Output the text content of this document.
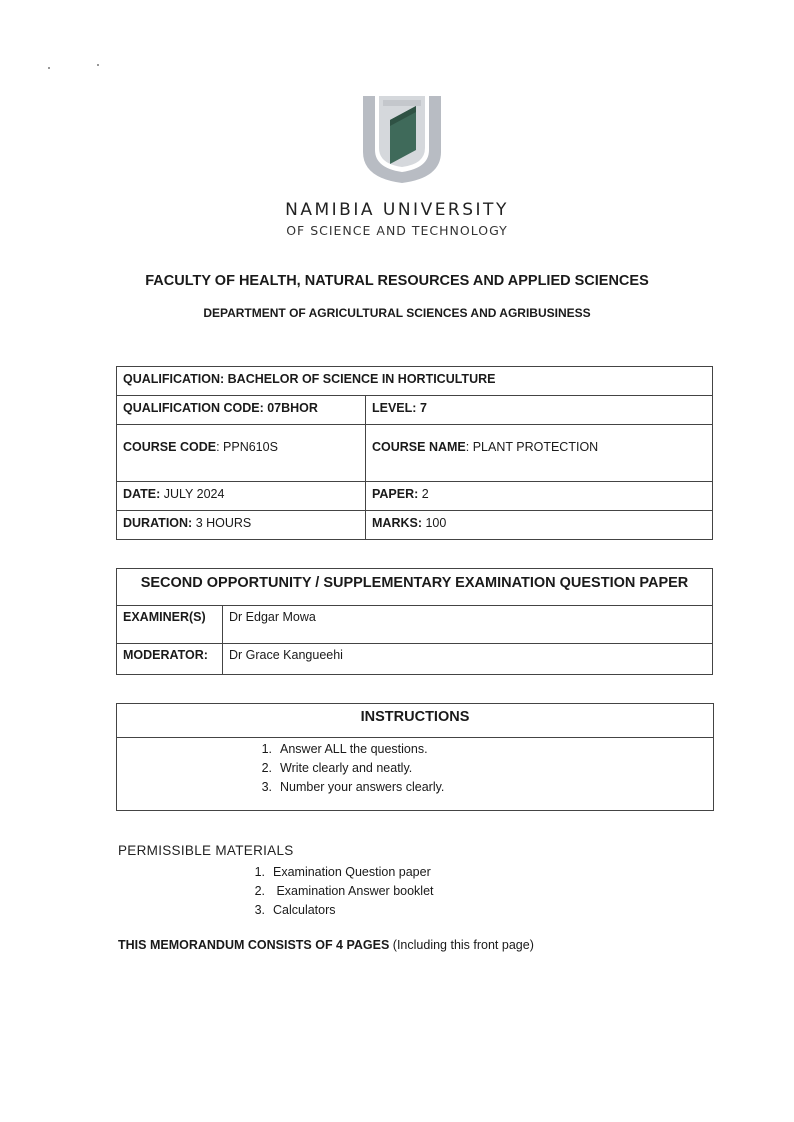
NAMIBIA UNIVERSITY
OF SCIENCE AND TECHNOLOGY
FACULTY OF HEALTH, NATURAL RESOURCES AND APPLIED SCIENCES
DEPARTMENT OF AGRICULTURAL SCIENCES AND AGRIBUSINESS
QUALIFICATION: BACHELOR OF SCIENCE IN HORTICULTURE	
QUALIFICATION CODE: 07BHOR	LEVEL: 7
COURSE CODE: PPN610S	COURSE NAME: PLANT PROTECTION
DATE: JULY 2024	PAPER: 2
DURATION: 3 HOURS	MARKS: 100
SECOND OPPORTUNITY / SUPPLEMENTARY EXAMINATION QUESTION PAPER	
EXAMINER(S)	Dr Edgar Mowa
MODERATOR:	Dr Grace Kangueehi
INSTRUCTIONS

1. Answer ALL the questions.
2. Write clearly and neatly.
3. Number your answers clearly.
PERMISSIBLE MATERIALS
1. Examination Question paper
2. Examination Answer booklet
3. Calculators
THIS MEMORANDUM CONSISTS OF 4 PAGES (Including this front page)
